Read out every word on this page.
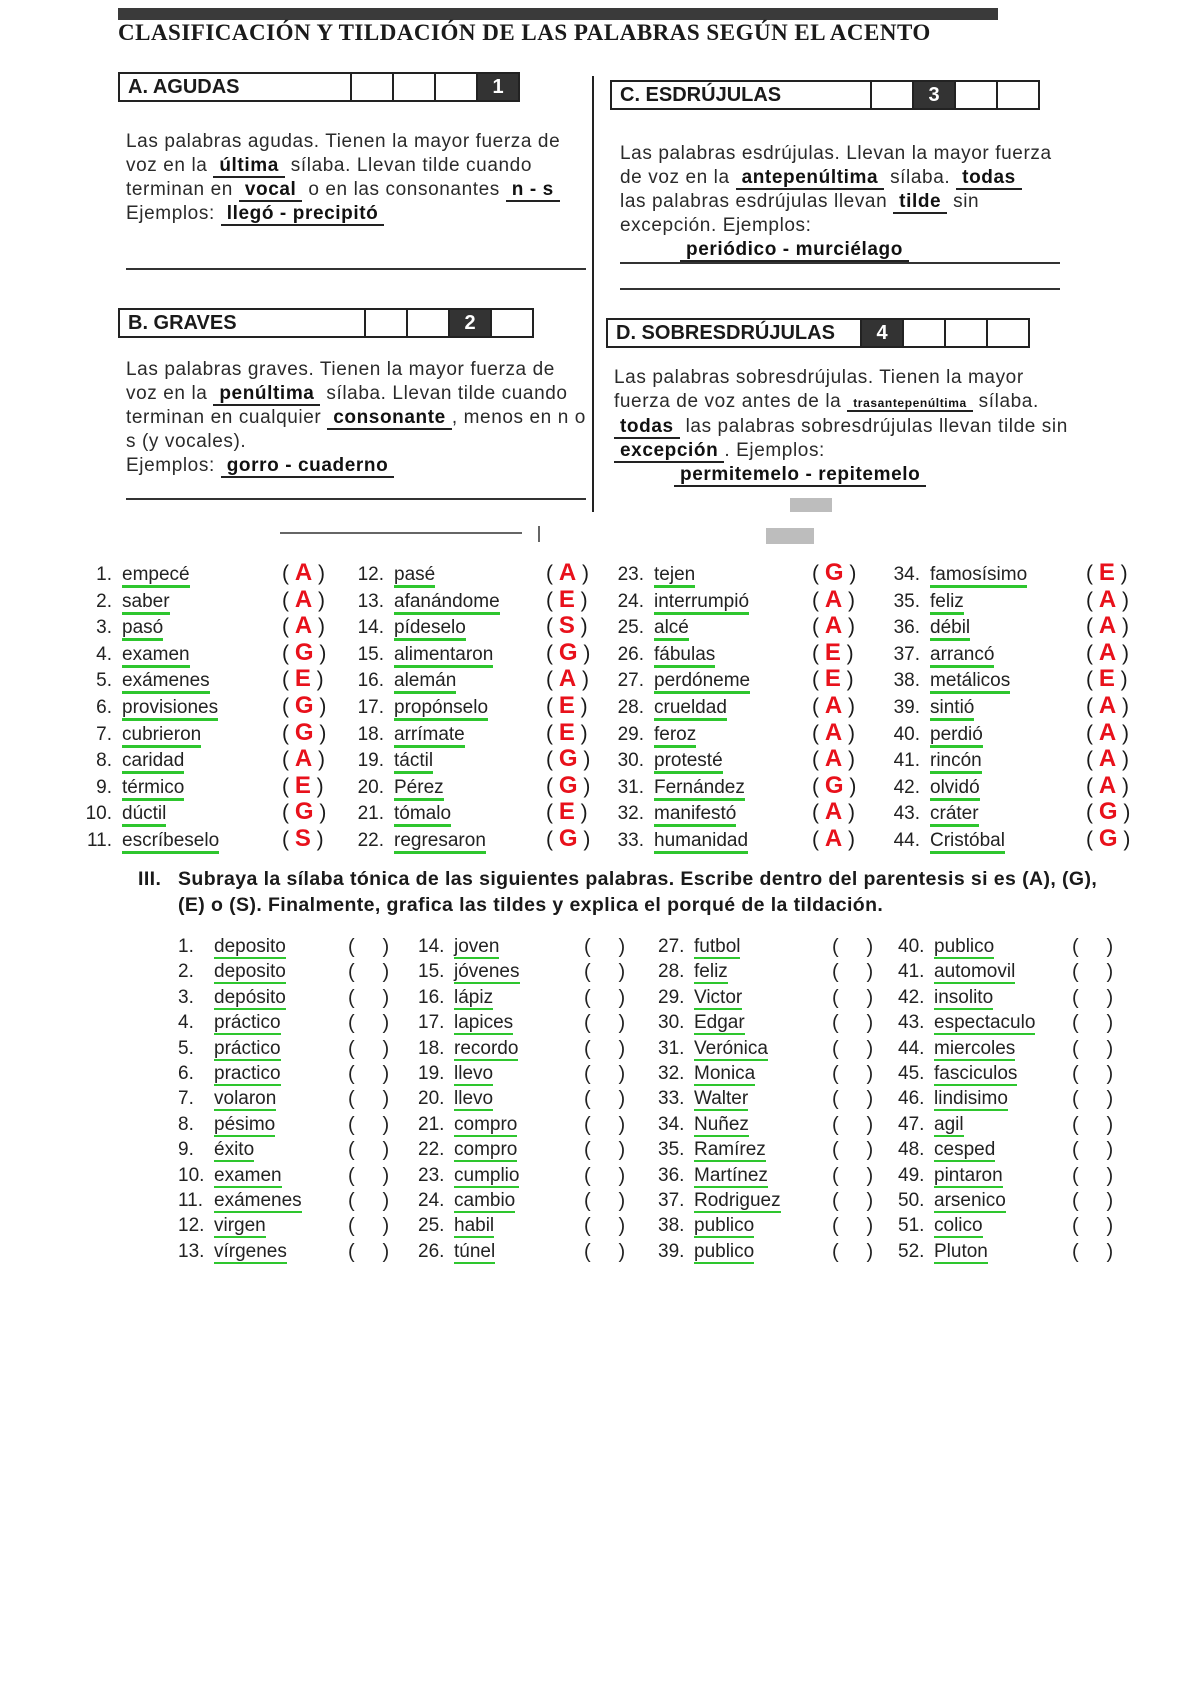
CLASIFICACIÓN Y TILDACIÓN DE LAS PALABRAS SEGÚN EL ACENTO
A. AGUDAS	1
Las palabras agudas. Tienen la mayor fuerza de voz en la última sílaba. Llevan tilde cuando terminan en vocal o en las consonantes n - s
Ejemplos: llegó - precipitó
B. GRAVES	2
Las palabras graves. Tienen la mayor fuerza de voz en la penúltima sílaba. Llevan tilde cuando terminan en cualquier consonante , menos en n o s (y vocales).
Ejemplos: gorro - cuaderno
C. ESDRÚJULAS	3
Las palabras esdrújulas. Llevan la mayor fuerza de voz en la antepenúltima sílaba. todas las palabras esdrújulas llevan tilde sin excepción. Ejemplos:
periódico - murciélago
D. SOBRESDRÚJULAS	4
Las palabras sobresdrújulas. Tienen la mayor fuerza de voz antes de la trasantepenúltima sílaba. todas las palabras sobresdrújulas llevan tilde sin excepción . Ejemplos:
permitemelo - repitemelo
1. empecé	( A )
2. saber	( A )
3. pasó	( A )
4. examen	( G )
5. exámenes	( E )
6. provisiones	( G )
7. cubrieron	( G )
8. caridad	( A )
9. térmico	( E )
10. dúctil	( G )
11. escríbeselo	( S )
12. pasé	( A )
13. afanándome ( E )
14. pídeselo	( S )
15. alimentaron	( G )
16. alemán	( A )
17. propónselo	( E )
18. arrímate	( E )
19. táctil	( G )
20. Pérez	( G )
21. tómalo	( E )
22. regresaron	( G )
23. tejen	( G )
24. interrumpió	( A )
25. alcé	( A )
26. fábulas	( E )
27. perdóneme	( E )
28. crueldad	( A )
29. feroz	( A )
30. protesté	( A )
31. Fernández	( G )
32. manifestó	( A )
33. humanidad	( A )
34. famosísimo	( E )
35. feliz	( A )
36. débil	( A )
37. arrancó	( A )
38. metálicos	( E )
39. sintió	( A )
40. perdió	( A )
41. rincón	( A )
42. olvidó	( A )
43. cráter	( G )
44. Cristóbal	( G )
III. Subraya la sílaba tónica de las siguientes palabras. Escribe dentro del parentesis si es (A), (G), (E) o (S). Finalmente, grafica las tildes y explica el porqué de la tildación.
1. deposito	(     )
2. deposito	(     )
3. depósito	(     )
4. práctico	(     )
5. práctico	(     )
6. practico	(     )
7. volaron	(     )
8. pésimo	(     )
9. éxito	(     )
10. examen	(     )
11. exámenes (     )
12. virgen	(     )
13. vírgenes	(     )
14. joven	(     )
15. jóvenes	(     )
16. lápiz	(     )
17. lapices	(     )
18. recordo	(     )
19. llevo	(     )
20. llevo	(     )
21. compro	(     )
22. compro	(     )
23. cumplio	(     )
24. cambio	(     )
25. habil	(     )
26. túnel	(     )
27. futbol	(     )
28. feliz	(     )
29. Victor	(     )
30. Edgar	(     )
31. Verónica	(     )
32. Monica	(     )
33. Walter	(     )
34. Nuñez	(     )
35. Ramírez	(     )
36. Martínez	(     )
37. Rodriguez	(     )
38. publico	(     )
39. publico	(     )
40. publico	(     )
41. automovil	(     )
42. insolito	(     )
43. espectaculo (     )
44. miercoles	(     )
45. fasciculos	(     )
46. lindisimo	(     )
47. agil	(     )
48. cesped	(     )
49. pintaron	(     )
50. arsenico	(     )
51. colico	(     )
52. Pluton	(     )
